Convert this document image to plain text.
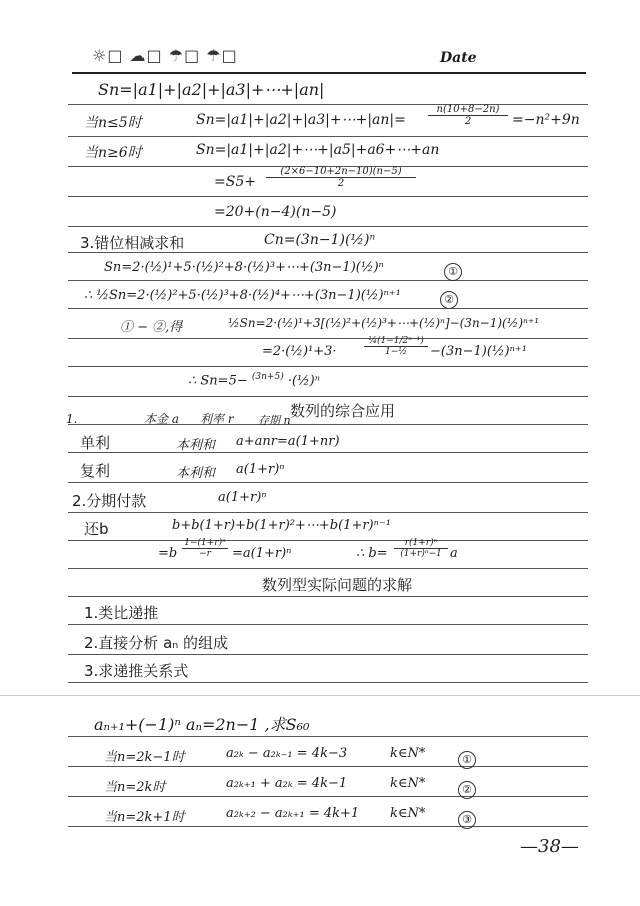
☼□ ☁□ ☂□ ☂□	Date
Sn=|a1|+|a2|+|a3|+⋯+|an|
当n≤5时	Sn=|a1|+|a2|+|a3|+⋯+|an|= $\frac{n(10+8-2n)}{2} =-n^2+9n$
当n≥6时	Sn=|a1|+|a2|+⋯+|a5|+a6+⋯+an
$=S5+ \frac{(2\times 6-10+2n-10)(n-5)}{2}$
=20+(n−4)(n−5)
3.错位相减求和	Cn=(3n−1)(½)ⁿ
Sn=2·(½)¹+5·(½)²+8·(½)³+⋯+(3n−1)(½)ⁿ	①
∴ ½Sn=2·(½)²+5·(½)³+8·(½)⁴+⋯+(3n−1)(½)ⁿ⁺¹	②
① − ②,得	½Sn=2·(½)¹+3[(½)²+(½)³+⋯+(½)ⁿ]−(3n−1)(½)ⁿ⁺¹
=2·(½)¹+3·	$\frac{\text{¼(1−1/2ⁿ⁻¹)}}{\text{1−½}}$ −(3n−1)(½)ⁿ⁺¹
∴ Sn=5− $^{(3n+5)}$ ·(½)ⁿ
数列的综合应用
1.	本金 a 利率 r 存期 n
单利	本利和 a+anr=a(1+nr)
复利	本利和 a(1+r)ⁿ
2.分期付款	a(1+r)ⁿ
还b	b+b(1+r)+b(1+r)²+⋯+b(1+r)ⁿ⁻¹
$=b \frac{\text{1−(1+r)ⁿ}}{-r} =a(1+r)^n$	∴ $b= \frac{\text{r(1+r)ⁿ}}{\text{(1+r)ⁿ−1}}$ a
数列型实际问题的求解
1.类比递推
2.直接分析 aₙ 的组成
3.求递推关系式
aₙ₊₁+(−1)ⁿ aₙ=2n−1 ,求S₆₀
当n=2k−1时	a₂ₖ − a₂ₖ₋₁ = 4k−3	k∈N*	①
当n=2k时	a₂ₖ₊₁ + a₂ₖ = 4k−1	k∈N*	②
当n=2k+1时	a₂ₖ₊₂ − a₂ₖ₊₁ = 4k+1 k∈N*	③
—38—
